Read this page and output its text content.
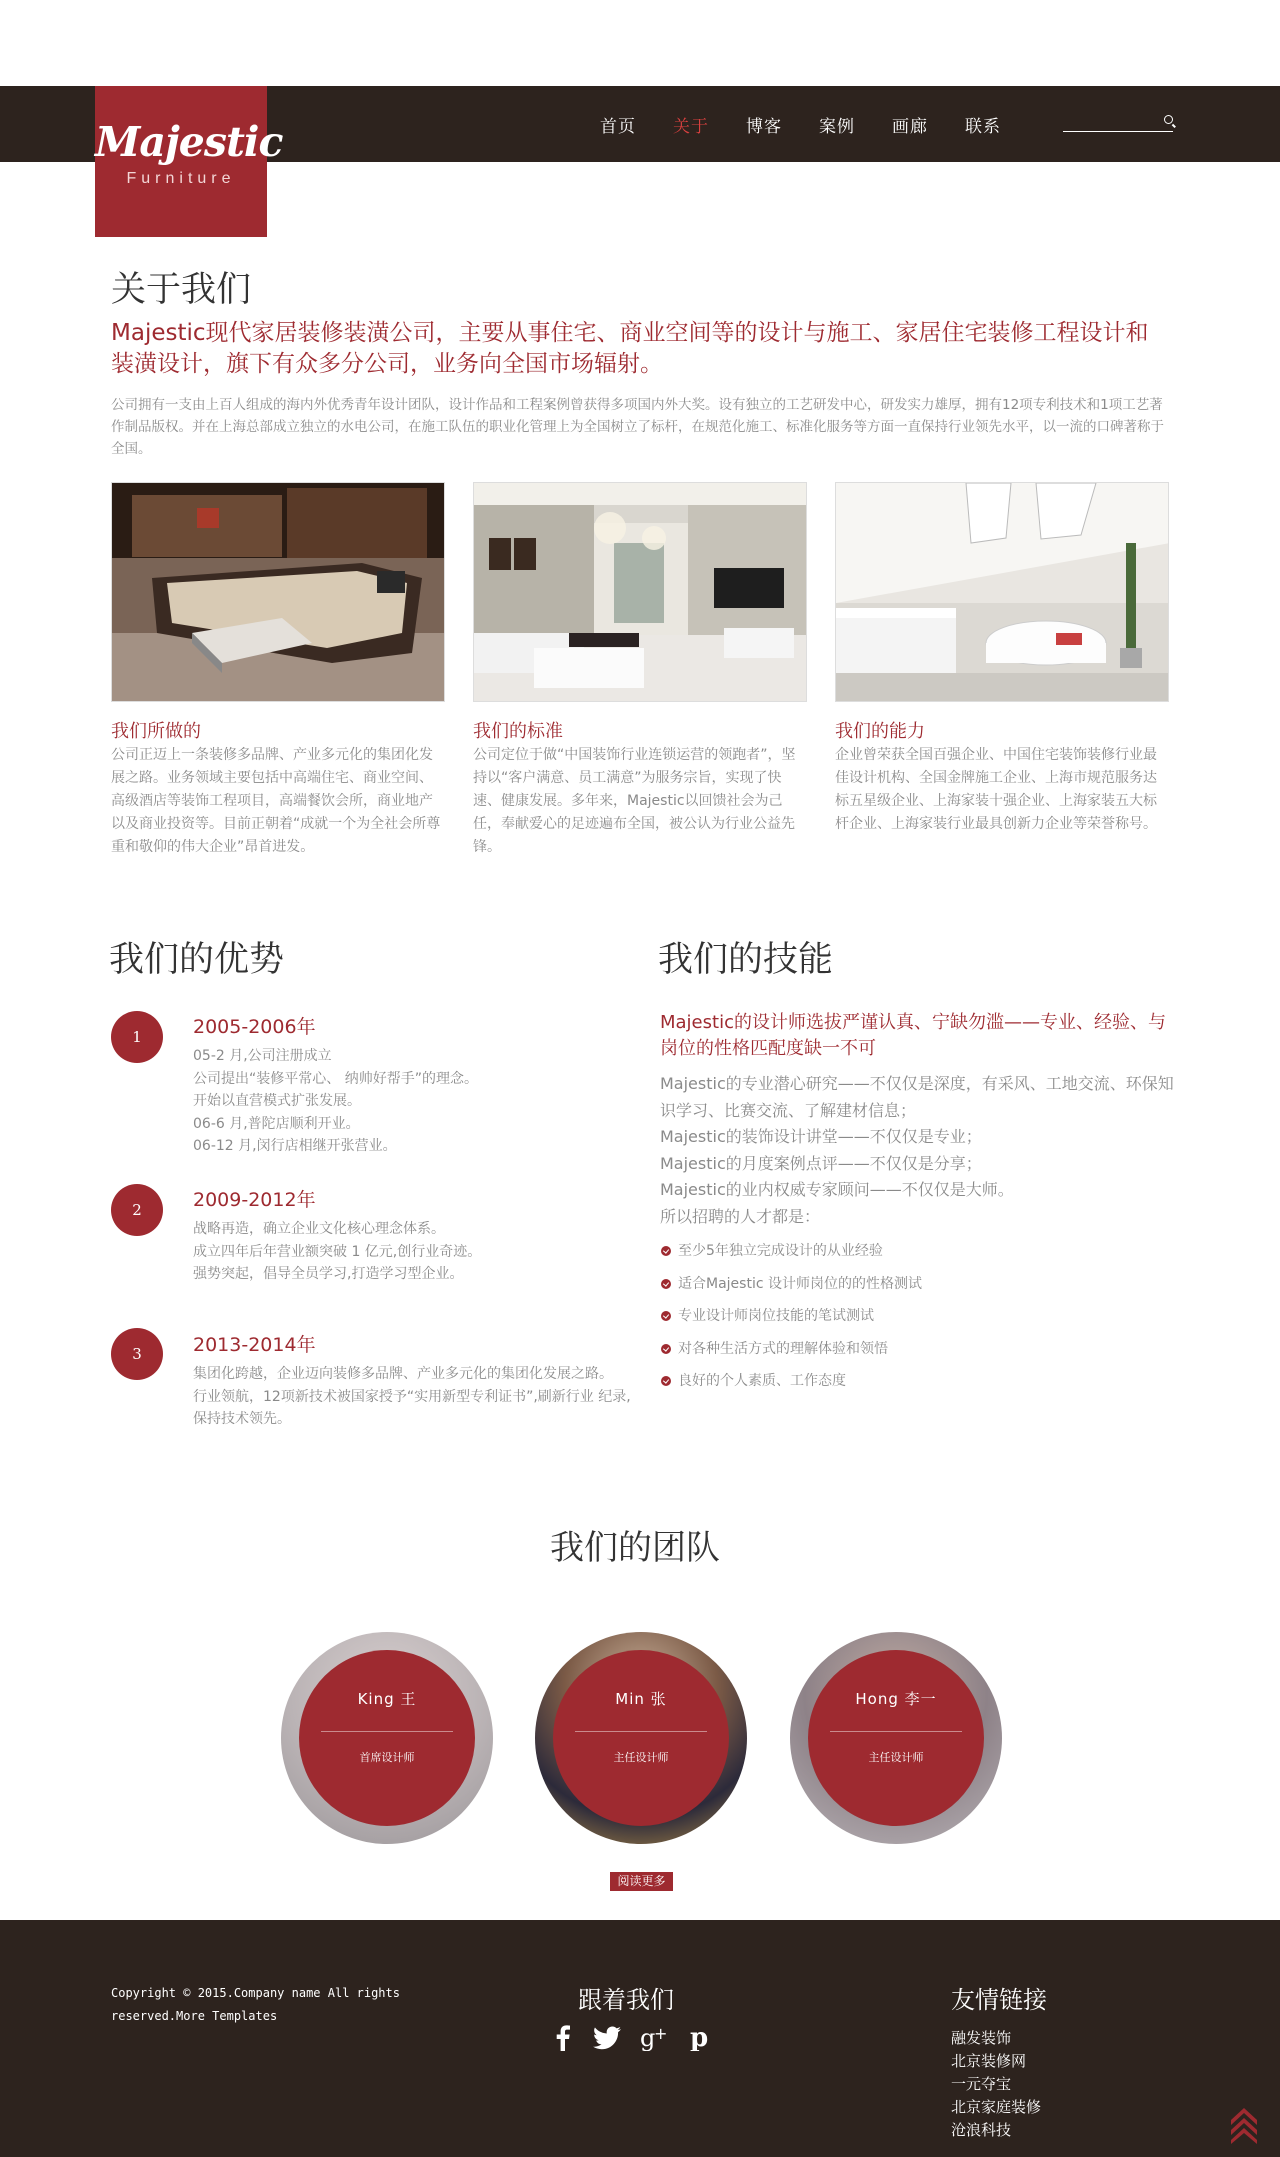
Majestic
Furniture
首页 关于 博客 案例 画廊 联系
关于我们
Majestic现代家居装修装潢公司，主要从事住宅、商业空间等的设计与施工、家居住宅装修工程设计和装潢设计，旗下有众多分公司，业务向全国市场辐射。
公司拥有一支由上百人组成的海内外优秀青年设计团队，设计作品和工程案例曾获得多项国内外大奖。设有独立的工艺研发中心，研发实力雄厚，拥有12项专利技术和1项工艺著作制品版权。并在上海总部成立独立的水电公司，在施工队伍的职业化管理上为全国树立了标杆，在规范化施工、标准化服务等方面一直保持行业领先水平，以一流的口碑著称于全国。
我们所做的
公司正迈上一条装修多品牌、产业多元化的集团化发展之路。业务领域主要包括中高端住宅、商业空间、高级酒店等装饰工程项目，高端餐饮会所，商业地产以及商业投资等。目前正朝着“成就一个为全社会所尊重和敬仰的伟大企业”昂首进发。
我们的标准
公司定位于做“中国装饰行业连锁运营的领跑者”，坚持以“客户满意、员工满意”为服务宗旨，实现了快速、健康发展。多年来，Majestic以回馈社会为己任，奉献爱心的足迹遍布全国，被公认为行业公益先锋。
我们的能力
企业曾荣获全国百强企业、中国住宅装饰装修行业最佳设计机构、全国金牌施工企业、上海市规范服务达标五星级企业、上海家装十强企业、上海家装五大标杆企业、上海家装行业最具创新力企业等荣誉称号。
我们的优势
1	2005-2006年
05-2 月,公司注册成立
公司提出“装修平常心、 纳帅好帮手”的理念。
开始以直营模式扩张发展。
06-6 月,普陀店顺利开业。
06-12 月,闵行店相继开张营业。
2	2009-2012年
战略再造，确立企业文化核心理念体系。
成立四年后年营业额突破 1 亿元,创行业奇迹。
强势突起，倡导全员学习,打造学习型企业。
3	2013-2014年
集团化跨越，企业迈向装修多品牌、产业多元化的集团化发展之路。
行业领航，12项新技术被国家授予“实用新型专利证书”,刷新行业 纪录,
保持技术领先。
我们的技能
Majestic的设计师选拔严谨认真、宁缺勿滥——专业、经验、与岗位的性格匹配度缺一不可
Majestic的专业潜心研究——不仅仅是深度，有采风、工地交流、环保知识学习、比赛交流、了解建材信息；
Majestic的装饰设计讲堂——不仅仅是专业；
Majestic的月度案例点评——不仅仅是分享；
Majestic的业内权威专家顾问——不仅仅是大师。
所以招聘的人才都是：
至少5年独立完成设计的从业经验
适合Majestic 设计师岗位的的性格测试
专业设计师岗位技能的笔试测试
对各种生活方式的理解体验和领悟
良好的个人素质、工作态度
我们的团队
King 王
首席设计师
Min 张
主任设计师
Hong 李一
主任设计师
阅读更多
Copyright © 2015.Company name All rights reserved.More Templates
跟着我们
g
+ p
友情链接
融发装饰
北京装修网
一元夺宝
北京家庭装修
沧浪科技
